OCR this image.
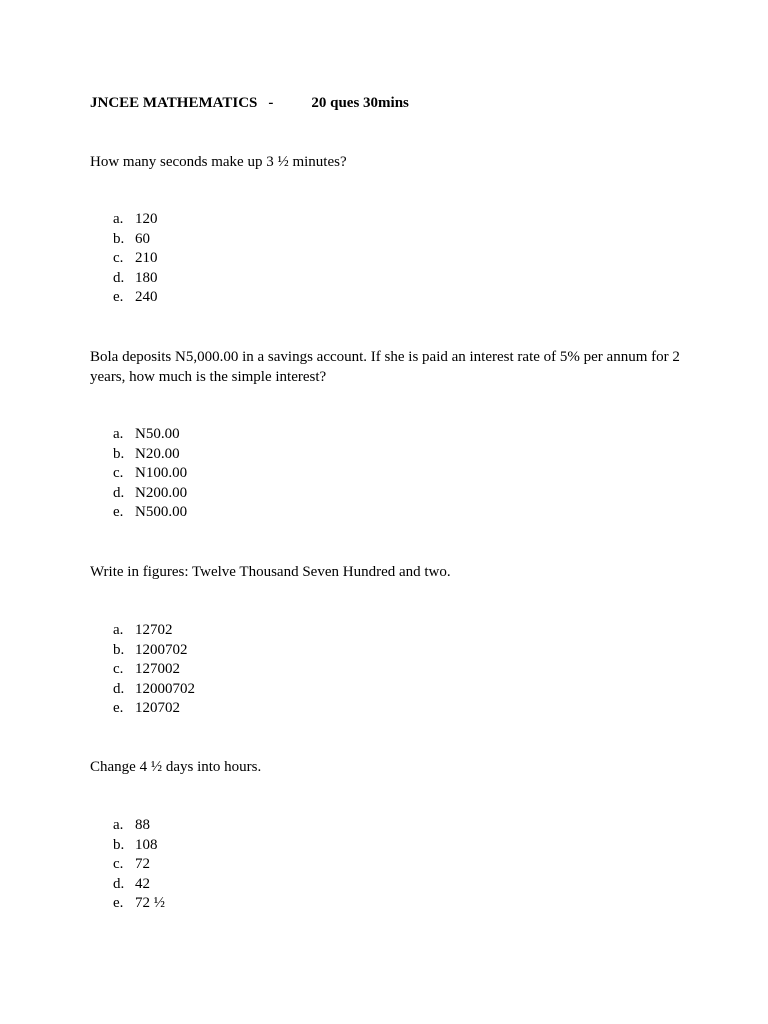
JNCEE MATHEMATICS -	20 ques 30mins
How many seconds make up 3 ½ minutes?
a. 120
b. 60
c. 210
d. 180
e. 240
Bola deposits N5,000.00 in a savings account. If she is paid an interest rate of 5% per annum for 2 years, how much is the simple interest?
a. N50.00
b. N20.00
c. N100.00
d. N200.00
e. N500.00
Write in figures: Twelve Thousand Seven Hundred and two.
a. 12702
b. 1200702
c. 127002
d. 12000702
e. 120702
Change 4 ½ days into hours.
a. 88
b. 108
c. 72
d. 42
e. 72 ½
